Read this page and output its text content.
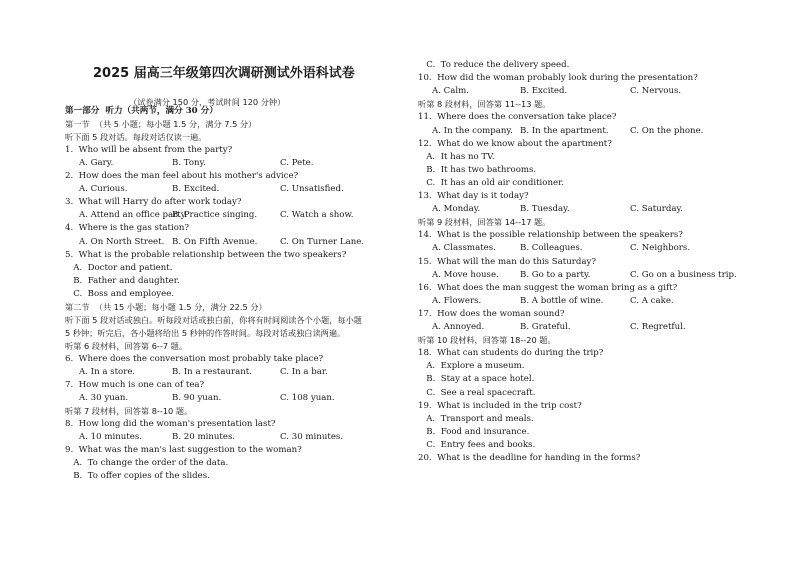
2025 届高三年级第四次调研测试外语科试卷
（试卷满分 150 分，考试时间 120 分钟）
第一部分  听力（共两节，满分 30 分）
第一节  （共 5 小题；每小题 1.5 分，满分 7.5 分）
听下面 5 段对话。每段对话仅读一遍。
1.  Who will be absent from the party?
A. Gary.	B. Tony.	C. Pete.
2.  How does the man feel about his mother's advice?
A. Curious.	B. Excited.	C. Unsatisfied.
3.  What will Harry do after work today?
A. Attend an office party.
B. Practice singing.	C. Watch a show.
4.  Where is the gas station?
A. On North Street. B. On Fifth Avenue.	C. On Turner Lane.
5.  What is the probable relationship between the two speakers?
A.  Doctor and patient.
B.  Father and daughter.
C.  Boss and employee.
第二节  （共 15 小题；每小题 1.5 分，满分 22.5 分）
听下面 5 段对话或独白。听每段对话或独白前，你将有时间阅读各个小题，每小题
5 秒钟；听完后，各小题将给出 5 秒钟的作答时间。每段对话或独白读两遍。
听第 6 段材料，回答第 6--7 题。
6.  Where does the conversation most probably take place?
A. In a store.	B. In a restaurant.	C. In a bar.
7.  How much is one can of tea?
A. 30 yuan.	B. 90 yuan.	C. 108 yuan.
听第 7 段材料，回答第 8--10 题。
8.  How long did the woman's presentation last?
A. 10 minutes.	B. 20 minutes.	C. 30 minutes.
9.  What was the man's last suggestion to the woman?
A.  To change the order of the data.
B.  To offer copies of the slides.
C.  To reduce the delivery speed.
10.  How did the woman probably look during the presentation?
A. Calm.	B. Excited.	C. Nervous.
听第 8 段材料，回答第 11--13 题。
11.  Where does the conversation take place?
A. In the company. B. In the apartment. C. On the phone.
12.  What do we know about the apartment?
A.  It has no TV.
B.  It has two bathrooms.
C.  It has an old air conditioner.
13.  What day is it today?
A. Monday.	B. Tuesday.	C. Saturday.
听第 9 段材料，回答第 14--17 题。
14.  What is the possible relationship between the speakers?
A. Classmates.	B. Colleagues.	C. Neighbors.
15.  What will the man do this Saturday?
A. Move house. B. Go to a party.	C. Go on a business trip.
16.  What does the man suggest the woman bring as a gift?
A. Flowers.	B. A bottle of wine.	C. A cake.
17.  How does the woman sound?
A. Annoyed.	B. Grateful.	C. Regretful.
听第 10 段材料，回答第 18--20 题。
18.  What can students do during the trip?
A.  Explore a museum.
B.  Stay at a space hotel.
C.  See a real spacecraft.
19.  What is included in the trip cost?
A.  Transport and meals.
B.  Food and insurance.
C.  Entry fees and books.
20.  What is the deadline for handing in the forms?
